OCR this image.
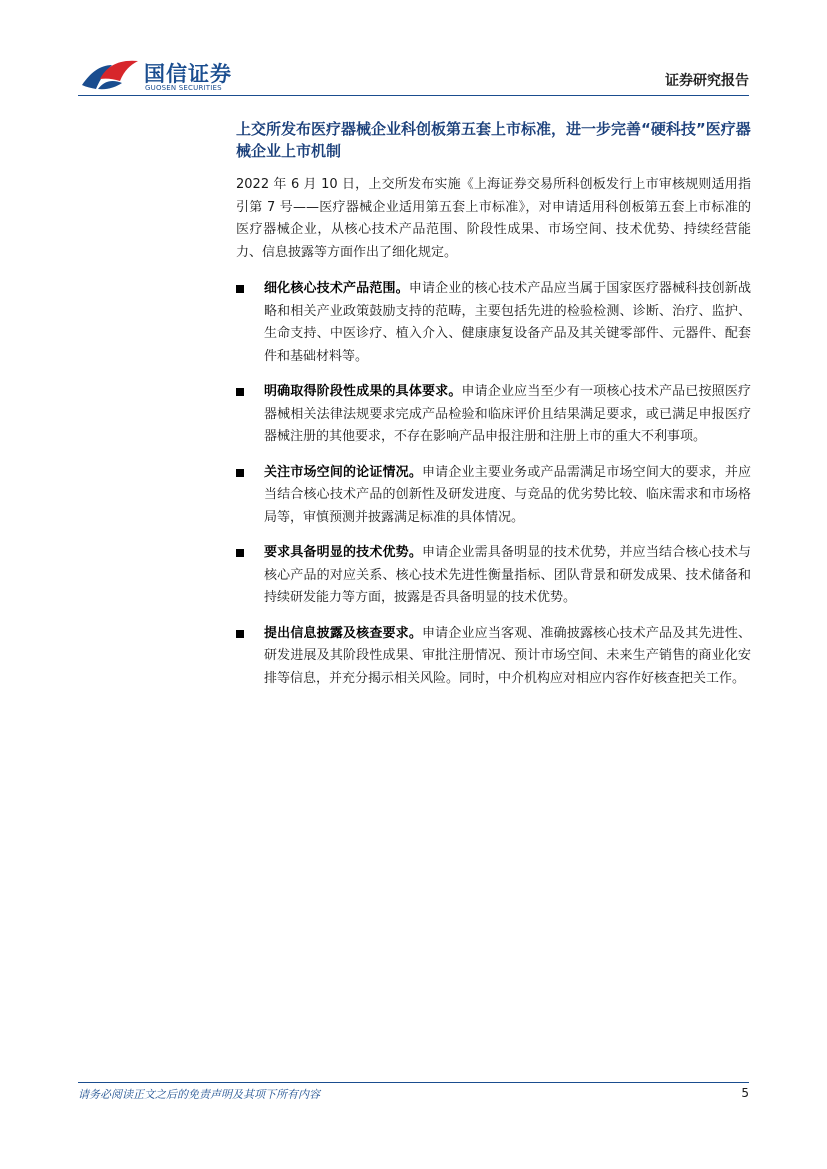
国信证券
GUOSEN SECURITIES	证券研究报告
上交所发布医疗器械企业科创板第五套上市标准，进一步完善“硬科技”医疗器械企业上市机制

2022 年 6 月 10 日，上交所发布实施《上海证券交易所科创板发行上市审核规则适用指引第 7 号——医疗器械企业适用第五套上市标准》，对申请适用科创板第五套上市标准的医疗器械企业，从核心技术产品范围、阶段性成果、市场空间、技术优势、持续经营能力、信息披露等方面作出了细化规定。

细化核心技术产品范围。申请企业的核心技术产品应当属于国家医疗器械科技创新战略和相关产业政策鼓励支持的范畴，主要包括先进的检验检测、诊断、治疗、监护、生命支持、中医诊疗、植入介入、健康康复设备产品及其关键零部件、元器件、配套件和基础材料等。
明确取得阶段性成果的具体要求。申请企业应当至少有一项核心技术产品已按照医疗器械相关法律法规要求完成产品检验和临床评价且结果满足要求，或已满足申报医疗器械注册的其他要求，不存在影响产品申报注册和注册上市的重大不利事项。
关注市场空间的论证情况。申请企业主要业务或产品需满足市场空间大的要求，并应当结合核心技术产品的创新性及研发进度、与竞品的优劣势比较、临床需求和市场格局等，审慎预测并披露满足标准的具体情况。
要求具备明显的技术优势。申请企业需具备明显的技术优势，并应当结合核心技术与核心产品的对应关系、核心技术先进性衡量指标、团队背景和研发成果、技术储备和持续研发能力等方面，披露是否具备明显的技术优势。
提出信息披露及核查要求。申请企业应当客观、准确披露核心技术产品及其先进性、研发进展及其阶段性成果、审批注册情况、预计市场空间、未来生产销售的商业化安排等信息，并充分揭示相关风险。同时，中介机构应对相应内容作好核查把关工作。
请务必阅读正文之后的免责声明及其项下所有内容	5
